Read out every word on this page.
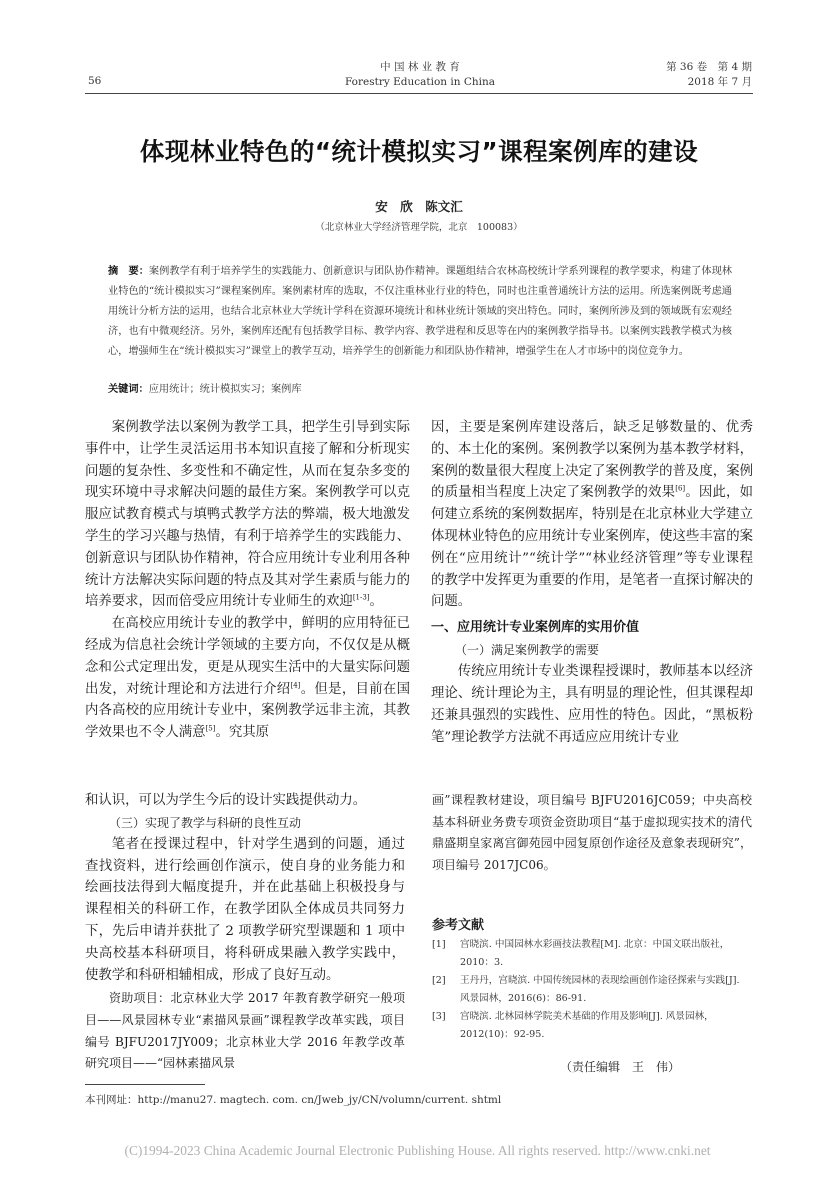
56
中 国 林 业 教 育
Forestry Education in China
第 36 卷　第 4 期
2018 年 7 月
体现林业特色的“统计模拟实习”课程案例库的建设
安　欣　陈文汇
（北京林业大学经济管理学院，北京　100083）
摘　要：案例教学有利于培养学生的实践能力、创新意识与团队协作精神。课题组结合农林高校统计学系列课程的教学要求，构建了体现林业特色的“统计模拟实习”课程案例库。案例素材库的选取，不仅注重林业行业的特色，同时也注重普通统计方法的运用。所选案例既考虑通用统计分析方法的运用，也结合北京林业大学统计学科在资源环境统计和林业统计领域的突出特色。同时，案例所涉及到的领域既有宏观经济，也有中微观经济。另外，案例库还配有包括教学目标、教学内容、教学进程和反思等在内的案例教学指导书。以案例实践教学模式为核心，增强师生在“统计模拟实习”课堂上的教学互动，培养学生的创新能力和团队协作精神，增强学生在人才市场中的岗位竞争力。
关键词：应用统计；统计模拟实习；案例库

案例教学法以案例为教学工具，把学生引导到实际事件中，让学生灵活运用书本知识直接了解和分析现实问题的复杂性、多变性和不确定性，从而在复杂多变的现实环境中寻求解决问题的最佳方案。案例教学可以克服应试教育模式与填鸭式教学方法的弊端，极大地激发学生的学习兴趣与热情，有利于培养学生的实践能力、创新意识与团队协作精神，符合应用统计专业利用各种统计方法解决实际问题的特点及其对学生素质与能力的培养要求，因而倍受应用统计专业师生的欢迎[1-3]。

在高校应用统计专业的教学中，鲜明的应用特征已经成为信息社会统计学领域的主要方向，不仅仅是从概念和公式定理出发，更是从现实生活中的大量实际问题出发，对统计理论和方法进行介绍[4]。但是，目前在国内各高校的应用统计专业中，案例教学远非主流，其教学效果也不令人满意[5]。究其原

因，主要是案例库建设落后，缺乏足够数量的、优秀的、本土化的案例。案例教学以案例为基本教学材料，案例的数量很大程度上决定了案例教学的普及度，案例的质量相当程度上决定了案例教学的效果[6]。因此，如何建立系统的案例数据库，特别是在北京林业大学建立体现林业特色的应用统计专业案例库，使这些丰富的案例在“应用统计”“统计学”“林业经济管理”等专业课程的教学中发挥更为重要的作用，是笔者一直探讨解决的问题。

一、应用统计专业案例库的实用价值
（一）满足案例教学的需要

传统应用统计专业类课程授课时，教师基本以经济理论、统计理论为主，具有明显的理论性，但其课程却还兼具强烈的实践性、应用性的特色。因此，“黑板粉笔”理论教学方法就不再适应应用统计专业

和认识，可以为学生今后的设计实践提供动力。

（三）实现了教学与科研的良性互动

笔者在授课过程中，针对学生遇到的问题，通过查找资料，进行绘画创作演示，使自身的业务能力和绘画技法得到大幅度提升，并在此基础上积极投身与课程相关的科研工作，在教学团队全体成员共同努力下，先后申请并获批了 2 项教学研究型课题和 1 项中央高校基本科研项目，将科研成果融入教学实践中，使教学和科研相辅相成，形成了良好互动。

资助项目：北京林业大学 2017 年教育教学研究一般项目——风景园林专业“素描风景画”课程教学改革实践，项目编号 BJFU2017JY009；北京林业大学 2016 年教学改革研究项目——“园林素描风景
画”课程教材建设，项目编号 BJFU2016JC059；中央高校基本科研业务费专项资金资助项目“基于虚拟现实技术的清代鼎盛期皇家离宫御苑园中园复原创作途径及意象表现研究”，项目编号 2017JC06。
参考文献
[1] 宫晓滨. 中国园林水彩画技法教程[M]. 北京：中国文联出版社，2010：3.
[2] 王丹丹，宫晓滨. 中国传统园林的表现绘画创作途径探索与实践[J]. 风景园林，2016(6)：86-91.
[3] 宫晓滨. 北林园林学院美术基础的作用及影响[J]. 风景园林，2012(10)：92-95.
（责任编辑　王　伟）
本刊网址：http://manu27. magtech. com. cn/Jweb_jy/CN/volumn/current. shtml
(C)1994-2023 China Academic Journal Electronic Publishing House. All rights reserved. http://www.cnki.net
